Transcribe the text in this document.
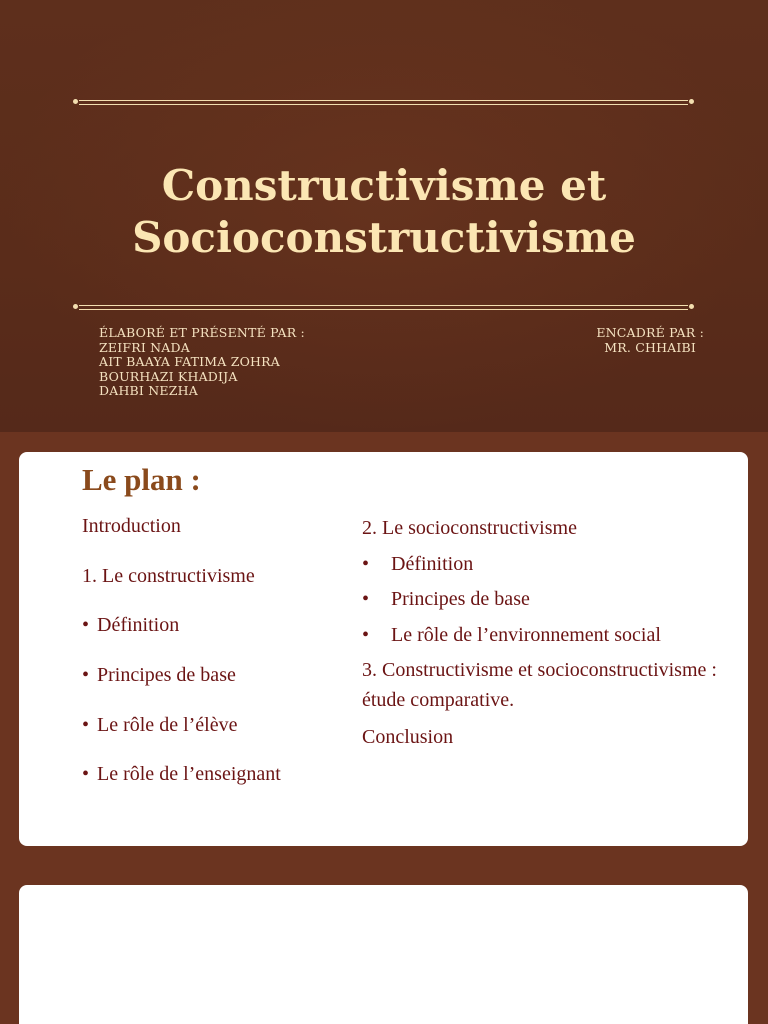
Constructivisme et
Socioconstructivisme
ÉLABORÉ ET PRÉSENTÉ PAR :
ZEIFRI NADA
AIT BAAYA FATIMA ZOHRA
BOURHAZI KHADIJA
DAHBI NEZHA
ENCADRÉ PAR :
MR. CHHAIBI
Le plan :
Introduction
1. Le constructivisme
• Définition
• Principes de base
• Le rôle de l’élève
• Le rôle de l’enseignant
2. Le socioconstructivisme
• Définition
• Principes de base
• Le rôle de l’environnement social
3. Constructivisme et socioconstructivisme : étude comparative.
Conclusion
